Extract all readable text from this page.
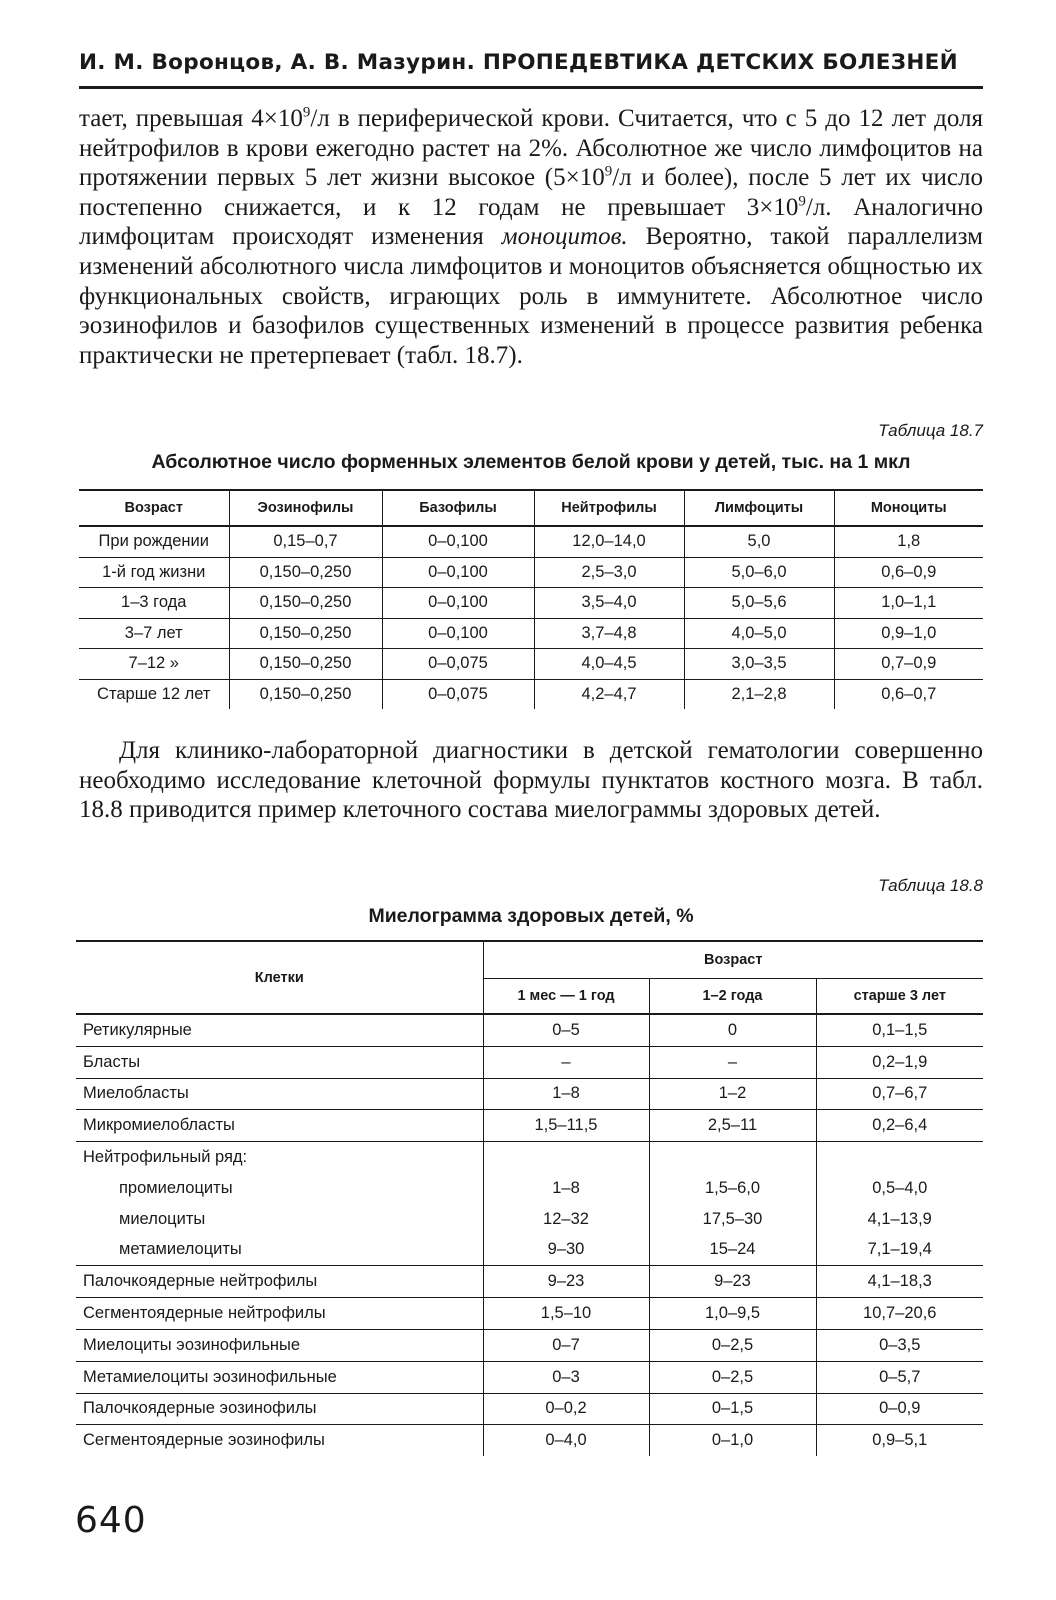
И. М. Воронцов, А. В. Мазурин. ПРОПЕДЕВТИКА ДЕТСКИХ БОЛЕЗНЕЙ

тает, превышая $4\times 10^9/л$ в периферической крови. Считается, что с 5 до 12 лет доля нейтрофилов в крови ежегодно растет на 2%. Абсолютное же число лимфоцитов на протяжении первых 5 лет жизни высокое ($5\times 10^9/л$ и более), после 5 лет их число постепенно снижается, и к 12 годам не превышает $3\times 10^9/л$. Аналогично лимфоцитам происходят изменения моноцитов. Вероятно, такой параллелизм изменений абсолютного числа лимфоцитов и моноцитов объясняется общностью их функциональных свойств, играющих роль в иммунитете. Абсолютное число эозинофилов и базофилов существенных изменений в процессе развития ребенка практически не претерпевает (табл. 18.7).

Таблица 18.7
Абсолютное число форменных элементов белой крови у детей, тыс. на 1 мкл
Возраст	Эозинофилы	Базофилы	Нейтрофилы	Лимфоциты	Моноциты
При рождении	0,15–0,7	0–0,100	12,0–14,0	5,0	1,8
1-й год жизни	0,150–0,250	0–0,100	2,5–3,0	5,0–6,0	0,6–0,9
1–3 года	0,150–0,250	0–0,100	3,5–4,0	5,0–5,6	1,0–1,1
3–7 лет	0,150–0,250	0–0,100	3,7–4,8	4,0–5,0	0,9–1,0
7–12 »	0,150–0,250	0–0,075	4,0–4,5	3,0–3,5	0,7–0,9
Старше 12 лет	0,150–0,250	0–0,075	4,2–4,7	2,1–2,8	0,6–0,7

Для клинико-лабораторной диагностики в детской гематологии совершенно необходимо исследование клеточной формулы пунктатов костного мозга. В табл. 18.8 приводится пример клеточного состава миелограммы здоровых детей.

Таблица 18.8
Миелограмма здоровых детей, %
Клетки	Возраст		
	1 мес — 1 год	1–2 года	старше 3 лет
Ретикулярные	0–5	0	0,1–1,5
Бласты	–	–	0,2–1,9
Миелобласты	1–8	1–2	0,7–6,7
Микромиелобласты	1,5–11,5	2,5–11	0,2–6,4
Нейтрофильный ряд:			
промиелоциты	1–8	1,5–6,0	0,5–4,0
миелоциты	12–32	17,5–30	4,1–13,9
метамиелоциты	9–30	15–24	7,1–19,4
Палочкоядерные нейтрофилы	9–23	9–23	4,1–18,3
Сегментоядерные нейтрофилы	1,5–10	1,0–9,5	10,7–20,6
Миелоциты эозинофильные	0–7	0–2,5	0–3,5
Метамиелоциты эозинофильные	0–3	0–2,5	0–5,7
Палочкоядерные эозинофилы	0–0,2	0–1,5	0–0,9
Сегментоядерные эозинофилы	0–4,0	0–1,0	0,9–5,1
640
